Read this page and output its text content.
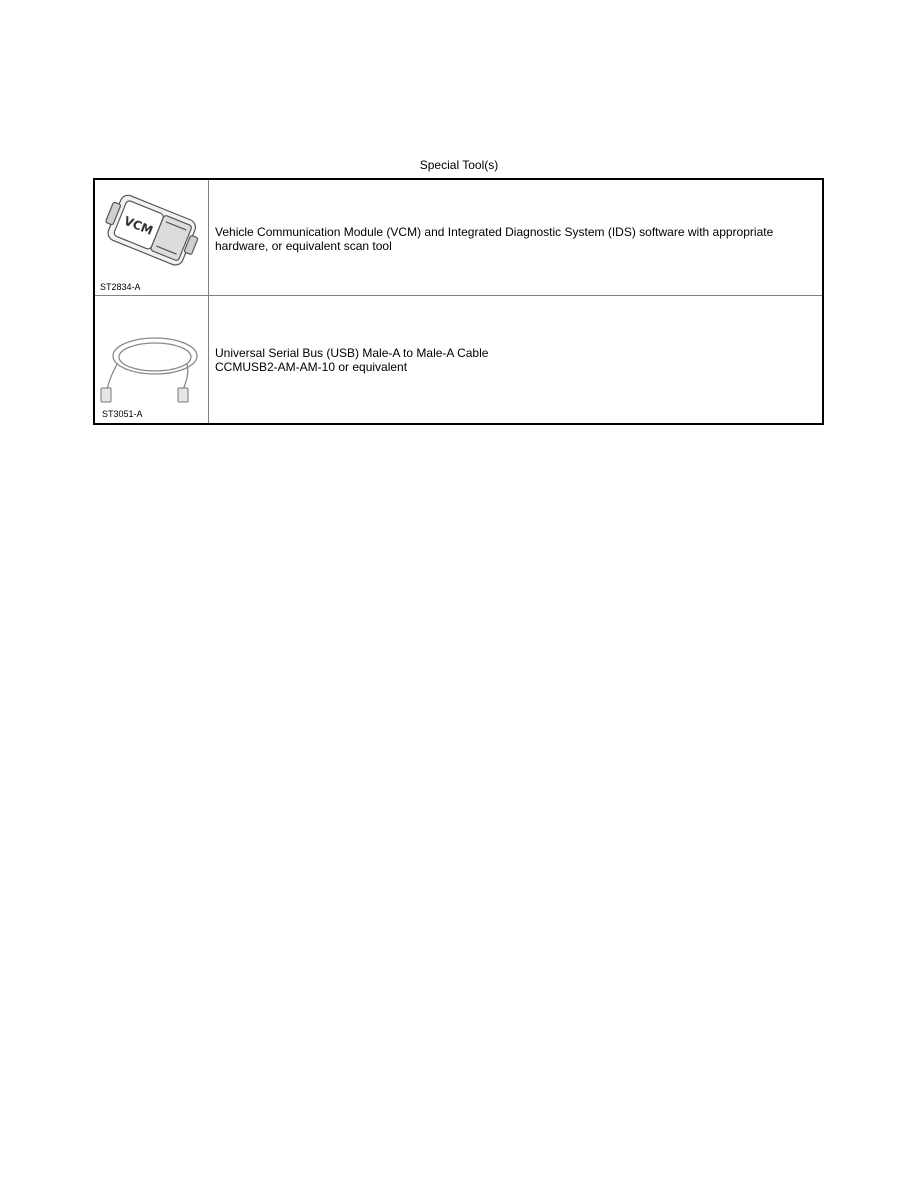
Special Tool(s)
VCM
ST2834-A
Vehicle Communication Module (VCM) and Integrated Diagnostic System (IDS) software with appropriate
hardware, or equivalent scan tool
ST3051-A
Universal Serial Bus (USB) Male-A to Male-A Cable
CCMUSB2-AM-AM-10 or equivalent
